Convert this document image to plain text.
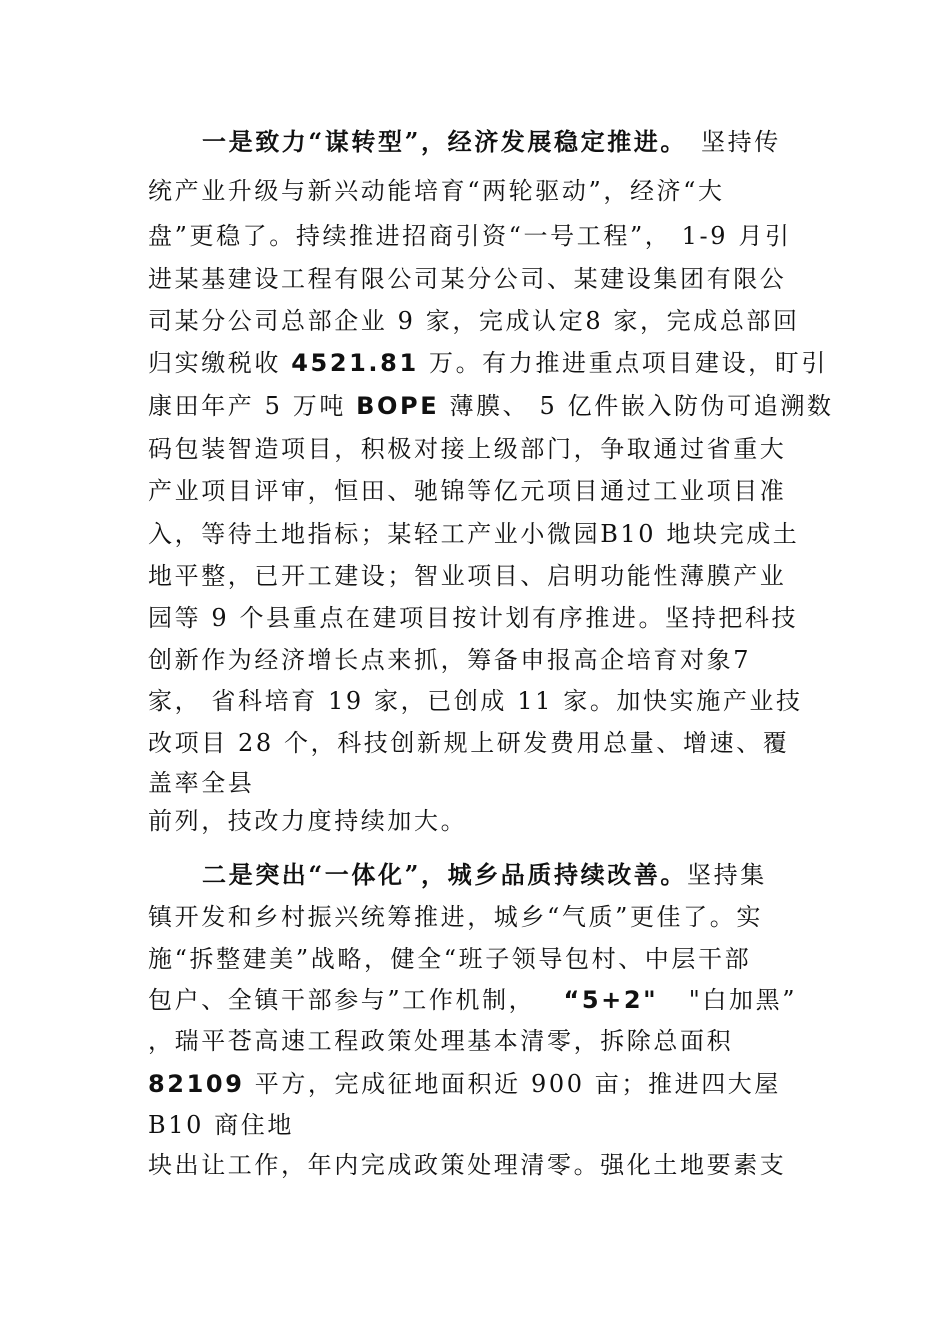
一是致力“谋转型”，经济发展稳定推进。 坚持传
统产业升级与新兴动能培育“两轮驱动”，经济“大
盘”更稳了。持续推进招商引资“一号工程”， 1-9 月引
进某基建设工程有限公司某分公司、某建设集团有限公
司某分公司总部企业 9 家，完成认定8 家，完成总部回
归实缴税收 4521.81 万。有力推进重点项目建设，盯引
康田年产 5 万吨 BOPE 薄膜、 5 亿件嵌入防伪可追溯数
码包装智造项目，积极对接上级部门，争取通过省重大
产业项目评审，恒田、驰锦等亿元项目通过工业项目准
入，等待土地指标；某轻工产业小微园B10 地块完成土
地平整，已开工建设；智业项目、启明功能性薄膜产业
园等 9 个县重点在建项目按计划有序推进。坚持把科技
创新作为经济增长点来抓，筹备申报高企培育对象7
家， 省科培育 19 家，已创成 11 家。加快实施产业技
改项目 28 个，科技创新规上研发费用总量、增速、覆
盖率全县
前列，技改力度持续加大。
二是突出“一体化”，城乡品质持续改善。坚持集
镇开发和乡村振兴统筹推进，城乡“气质”更佳了。实
施“拆整建美”战略，健全“班子领导包村、中层干部
包户、全镇干部参与”工作机制， “5+2"  "白加黑”
，瑞平苍高速工程政策处理基本清零，拆除总面积
82109 平方，完成征地面积近 900 亩；推进四大屋
B10 商住地
块出让工作，年内完成政策处理清零。强化土地要素支
